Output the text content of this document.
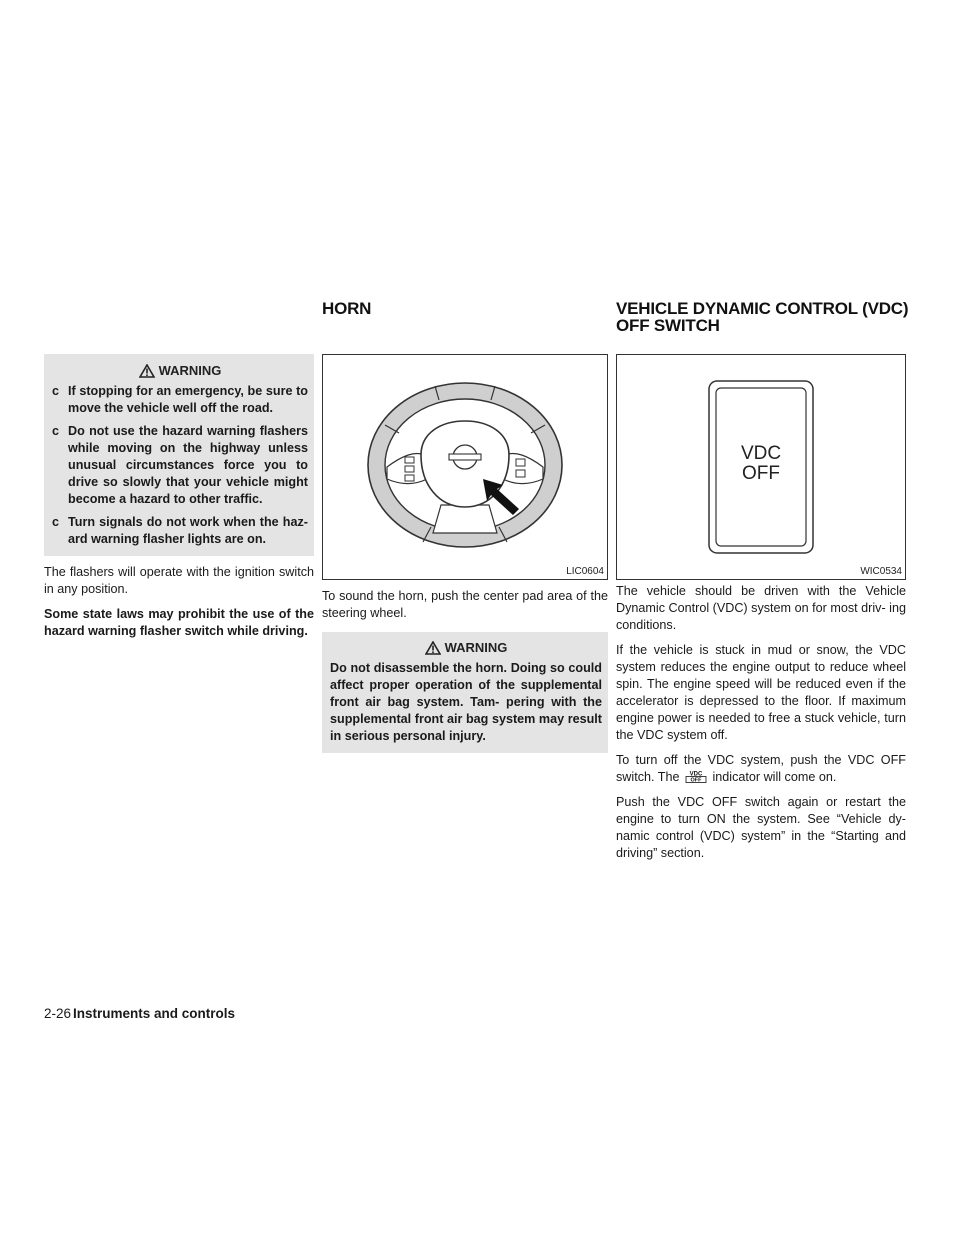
HORN	VEHICLE DYNAMIC CONTROL (VDC)
OFF SWITCH
WARNING
c If stopping for an emergency, be sure to move the vehicle well off the road.
c Do not use the hazard warning flashers while moving on the highway unless unusual circumstances force you to drive so slowly that your vehicle might become a hazard to other traffic.
c Turn signals do not work when the haz- ard warning flasher lights are on.

The flashers will operate with the ignition switch in any position.

Some state laws may prohibit the use of the hazard warning flasher switch while driving.

LIC0604

To sound the horn, push the center pad area of the steering wheel.

WARNING
Do not disassemble the horn. Doing so could affect proper operation of the supplemental front air bag system. Tam- pering with the supplemental front air bag system may result in serious personal injury.
VDC
OFF
WIC0534

The vehicle should be driven with the Vehicle Dynamic Control (VDC) system on for most driv- ing conditions.

If the vehicle is stuck in mud or snow, the VDC system reduces the engine output to reduce wheel spin. The engine speed will be reduced even if the accelerator is depressed to the floor. If maximum engine power is needed to free a stuck vehicle, turn the VDC system off.

To turn off the VDC system, push the VDC OFF switch. The VDC
OFF indicator will come on.

Push the VDC OFF switch again or restart the engine to turn ON the system. See “Vehicle dy- namic control (VDC) system” in the “Starting and driving” section.

2-26 Instruments and controls
